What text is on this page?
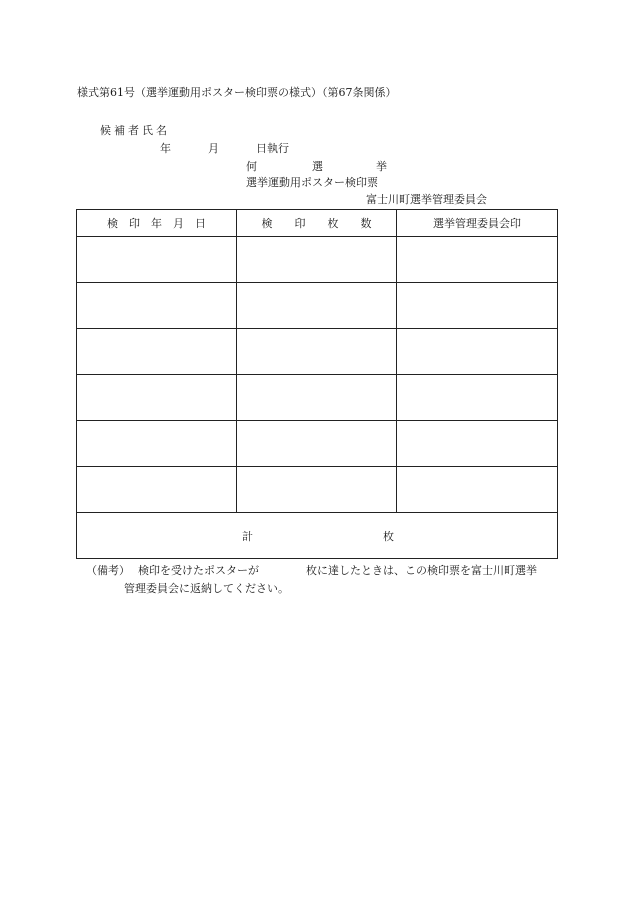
様式第61号（選挙運動用ポスター検印票の様式）（第67条関係）
候補者氏名
年	月	日執行
何	選	挙
選挙運動用ポスター検印票
富士川町選挙管理委員会
検　印　年　月　日	検　　印　　枚　　数	選挙管理委員会印

計 枚		
（備考） 検印を受けたポスターが	枚に達したときは、この検印票を富士川町選挙
管理委員会に返納してください。
